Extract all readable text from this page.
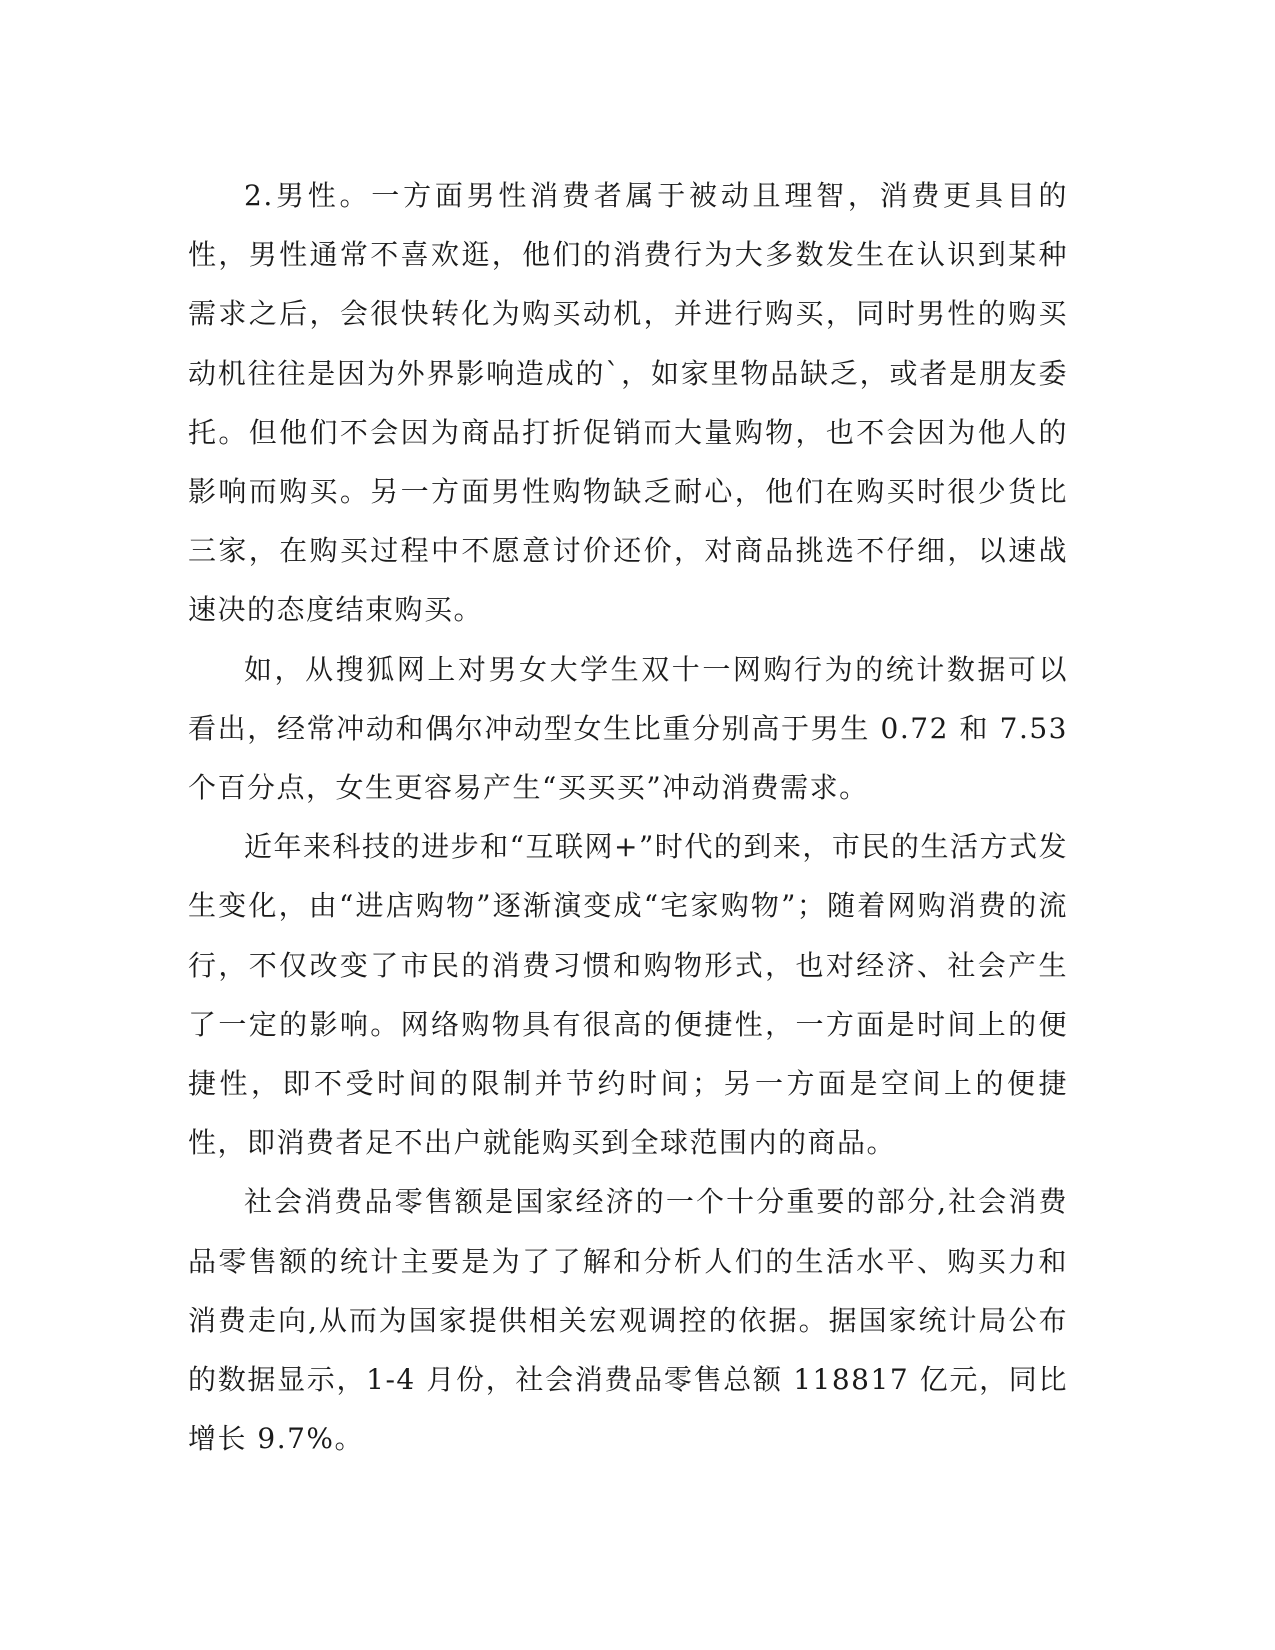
2.男性。一方面男性消费者属于被动且理智，消费更具目的性，男性通常不喜欢逛，他们的消费行为大多数发生在认识到某种需求之后，会很快转化为购买动机，并进行购买，同时男性的购买动机往往是因为外界影响造成的`，如家里物品缺乏，或者是朋友委托。但他们不会因为商品打折促销而大量购物，也不会因为他人的影响而购买。另一方面男性购物缺乏耐心，他们在购买时很少货比三家，在购买过程中不愿意讨价还价，对商品挑选不仔细，以速战速决的态度结束购买。

如，从搜狐网上对男女大学生双十一网购行为的统计数据可以看出，经常冲动和偶尔冲动型女生比重分别高于男生 0.72 和 7.53 个百分点，女生更容易产生“买买买”冲动消费需求。

近年来科技的进步和“互联网+”时代的到来，市民的生活方式发生变化，由“进店购物”逐渐演变成“宅家购物”；随着网购消费的流行，不仅改变了市民的消费习惯和购物形式，也对经济、社会产生了一定的影响。网络购物具有很高的便捷性，一方面是时间上的便捷性，即不受时间的限制并节约时间；另一方面是空间上的便捷性，即消费者足不出户就能购买到全球范围内的商品。

社会消费品零售额是国家经济的一个十分重要的部分,社会消费品零售额的统计主要是为了了解和分析人们的生活水平、购买力和消费走向,从而为国家提供相关宏观调控的依据。据国家统计局公布的数据显示，1-4 月份，社会消费品零售总额 118817 亿元，同比增长 9.7%。
